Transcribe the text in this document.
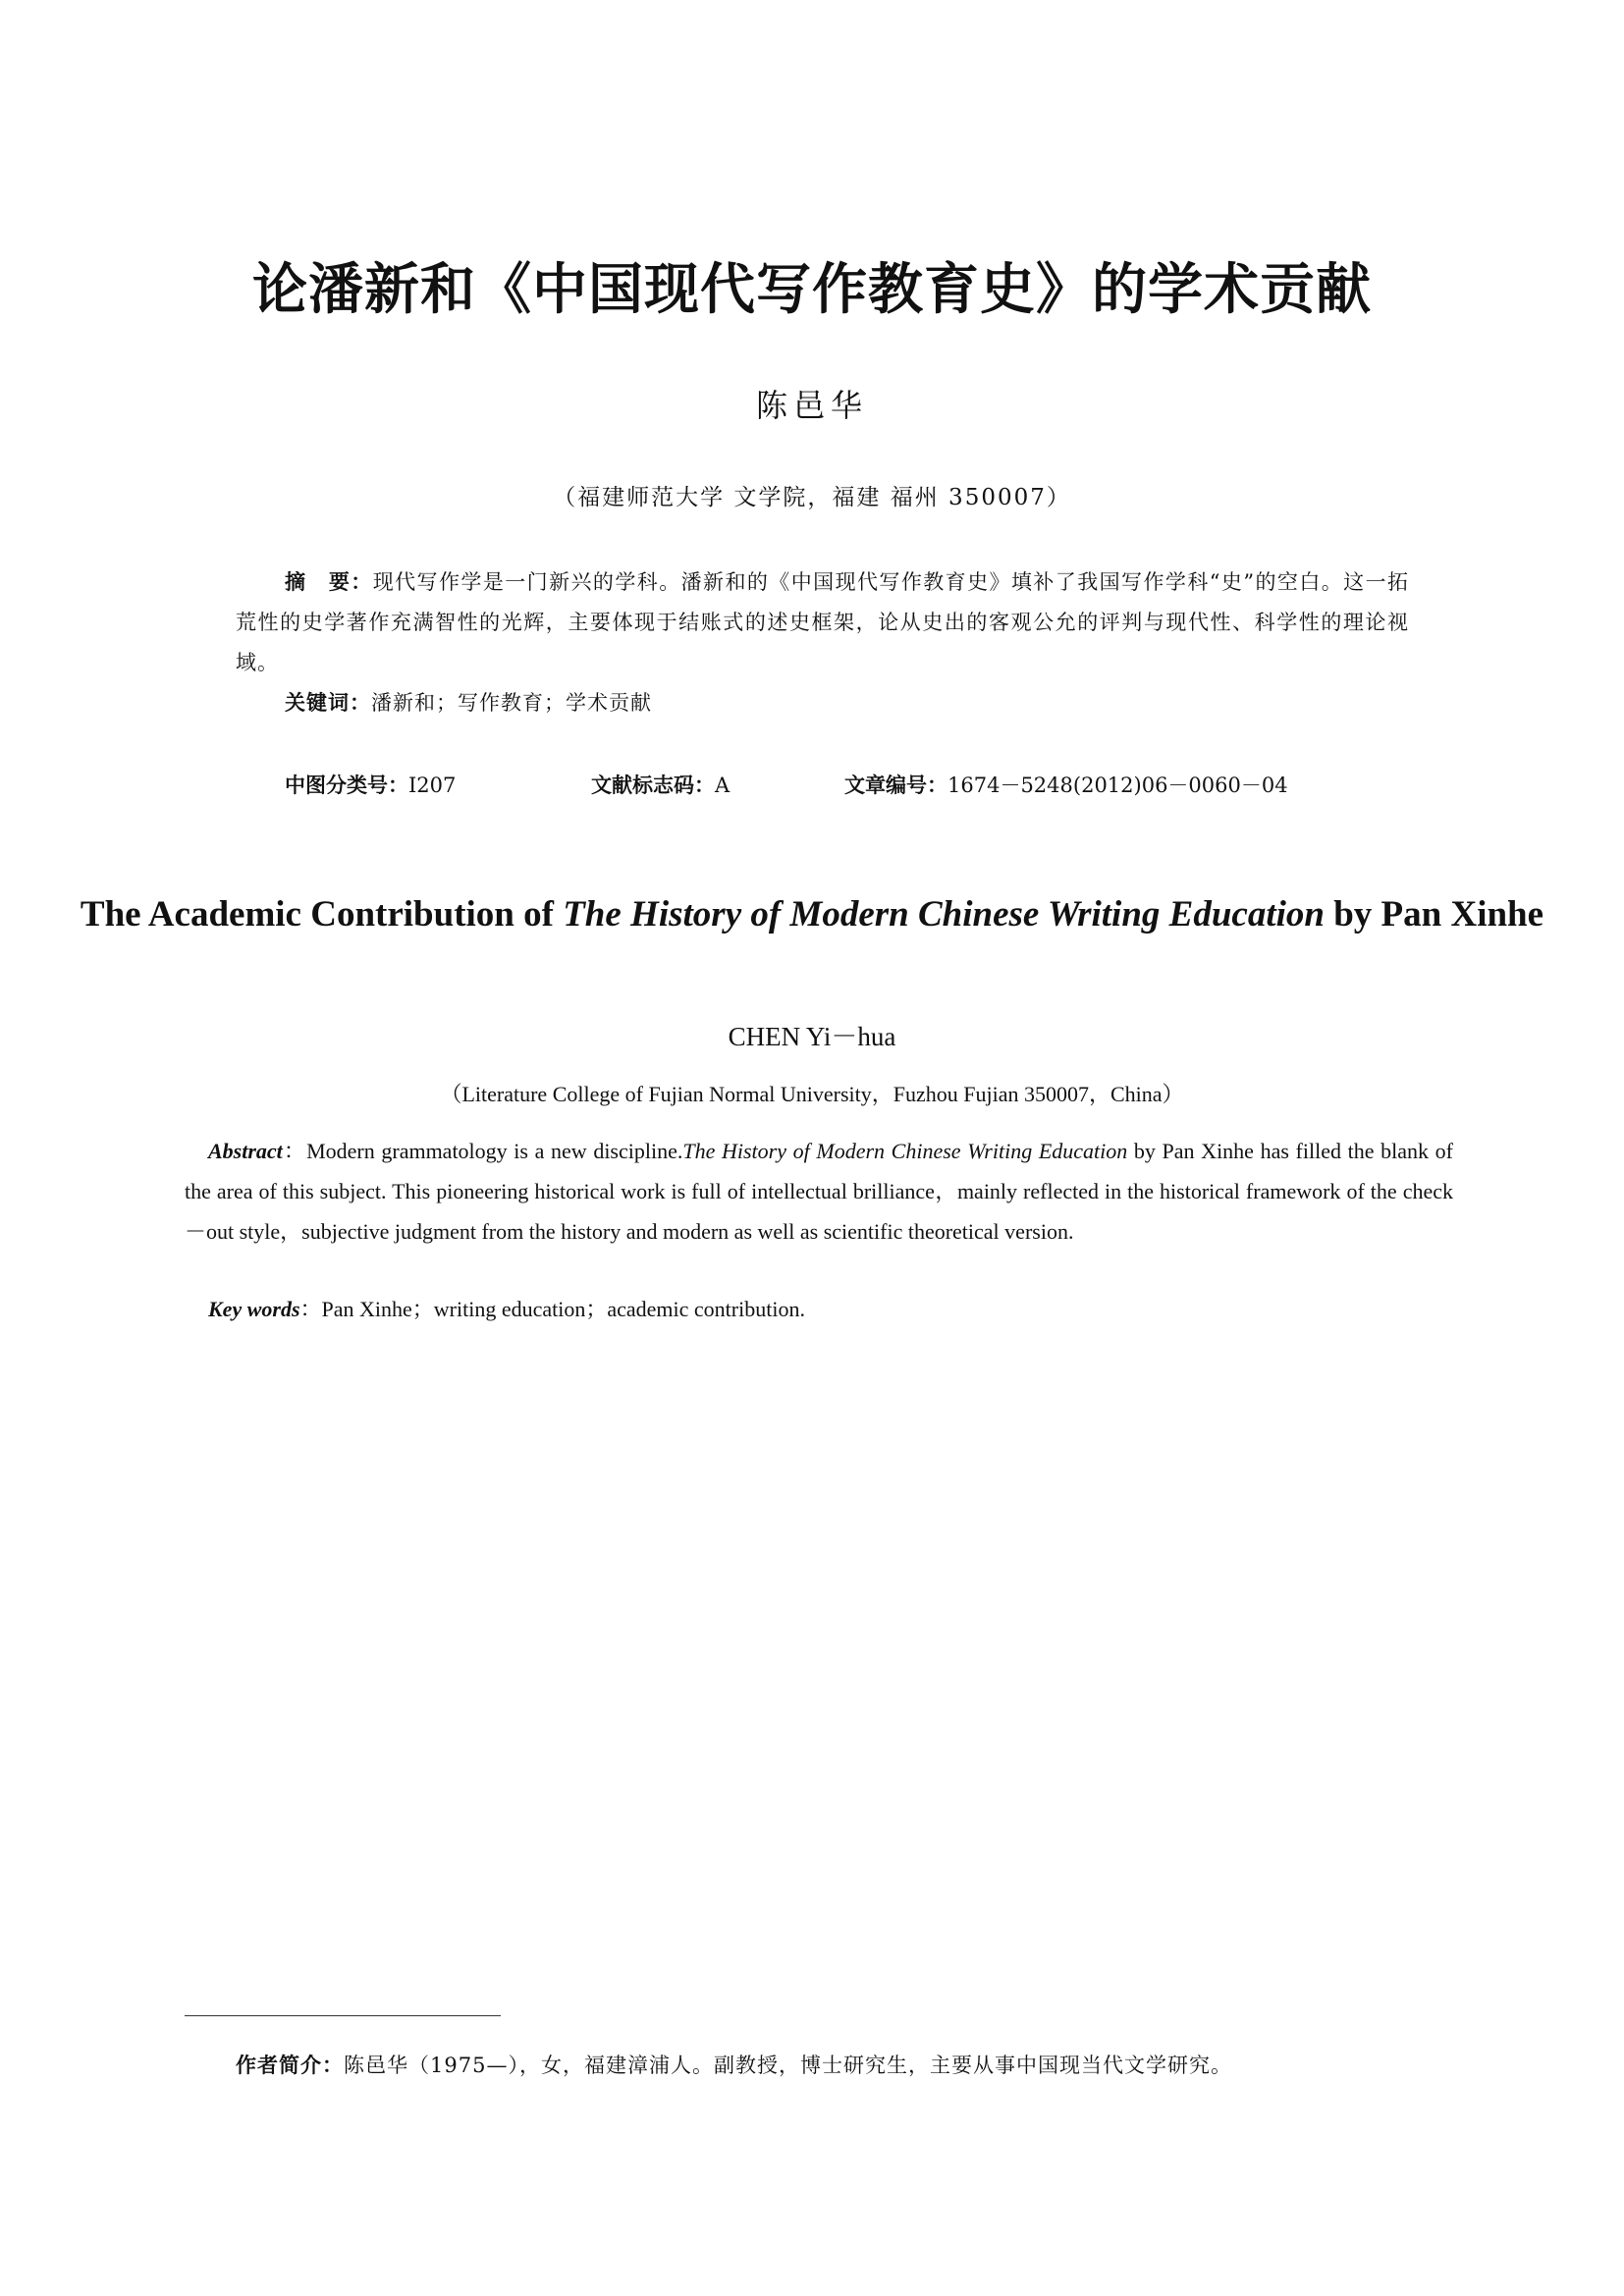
论潘新和《中国现代写作教育史》的学术贡献
陈邑华
（福建师范大学 文学院，福建 福州 350007）
摘　要：现代写作学是一门新兴的学科。潘新和的《中国现代写作教育史》填补了我国写作学科“史”的空白。这一拓荒性的史学著作充满智性的光辉，主要体现于结账式的述史框架，论从史出的客观公允的评判与现代性、科学性的理论视域。
关键词：潘新和；写作教育；学术贡献
中图分类号：I207	文献标志码：A	文章编号：1674－5248(2012)06－0060－04
The Academic Contribution of The History of Modern Chinese Writing Education by Pan Xinhe
CHEN Yi－hua
（Literature College of Fujian Normal University，Fuzhou Fujian 350007，China）
Abstract：Modern grammatology is a new discipline.The History of Modern Chinese Writing Education by Pan Xinhe has filled the blank of the area of this subject. This pioneering historical work is full of intellectual brilliance，mainly reflected in the historical framework of the check－out style，subjective judgment from the history and modern as well as scientific theoretical version.
Key words：Pan Xinhe；writing education；academic contribution.
作者简介：陈邑华（1975—），女，福建漳浦人。副教授，博士研究生，主要从事中国现当代文学研究。
